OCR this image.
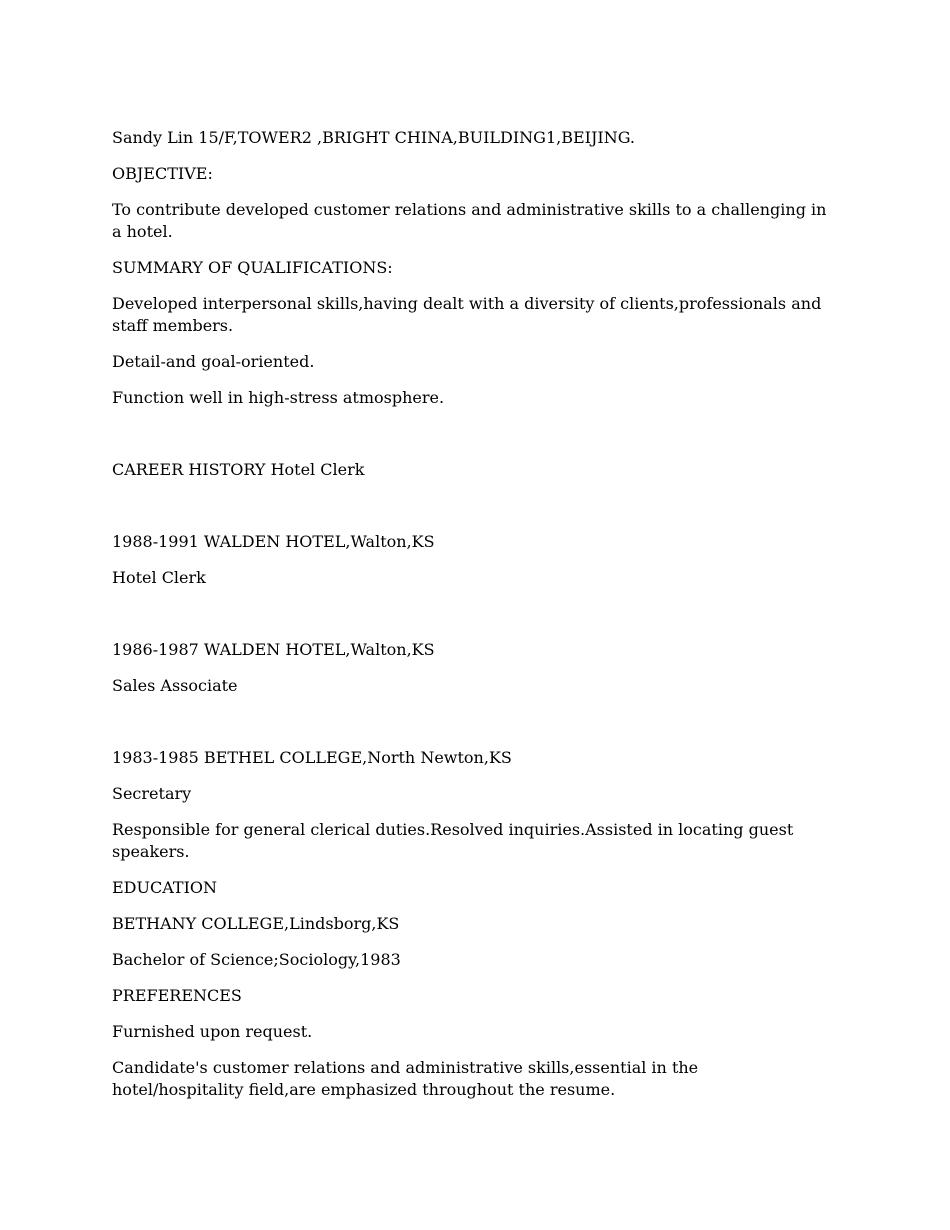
Sandy Lin 15/F,TOWER2 ,BRIGHT CHINA,BUILDING1,BEIJING.

OBJECTIVE:

To contribute developed customer relations and administrative skills to a challenging in a hotel.

SUMMARY OF QUALIFICATIONS:

Developed interpersonal skills,having dealt with a diversity of clients,professionals and staff members.

Detail-and goal-oriented.

Function well in high-stress atmosphere.

CAREER HISTORY Hotel Clerk

1988-1991 WALDEN HOTEL,Walton,KS

Hotel Clerk

1986-1987 WALDEN HOTEL,Walton,KS

Sales Associate

1983-1985 BETHEL COLLEGE,North Newton,KS

Secretary

Responsible for general clerical duties.Resolved inquiries.Assisted in locating guest speakers.

EDUCATION

BETHANY COLLEGE,Lindsborg,KS

Bachelor of Science;Sociology,1983

PREFERENCES

Furnished upon request.

Candidate's customer relations and administrative skills,essential in the hotel/hospitality field,are emphasized throughout the resume.
